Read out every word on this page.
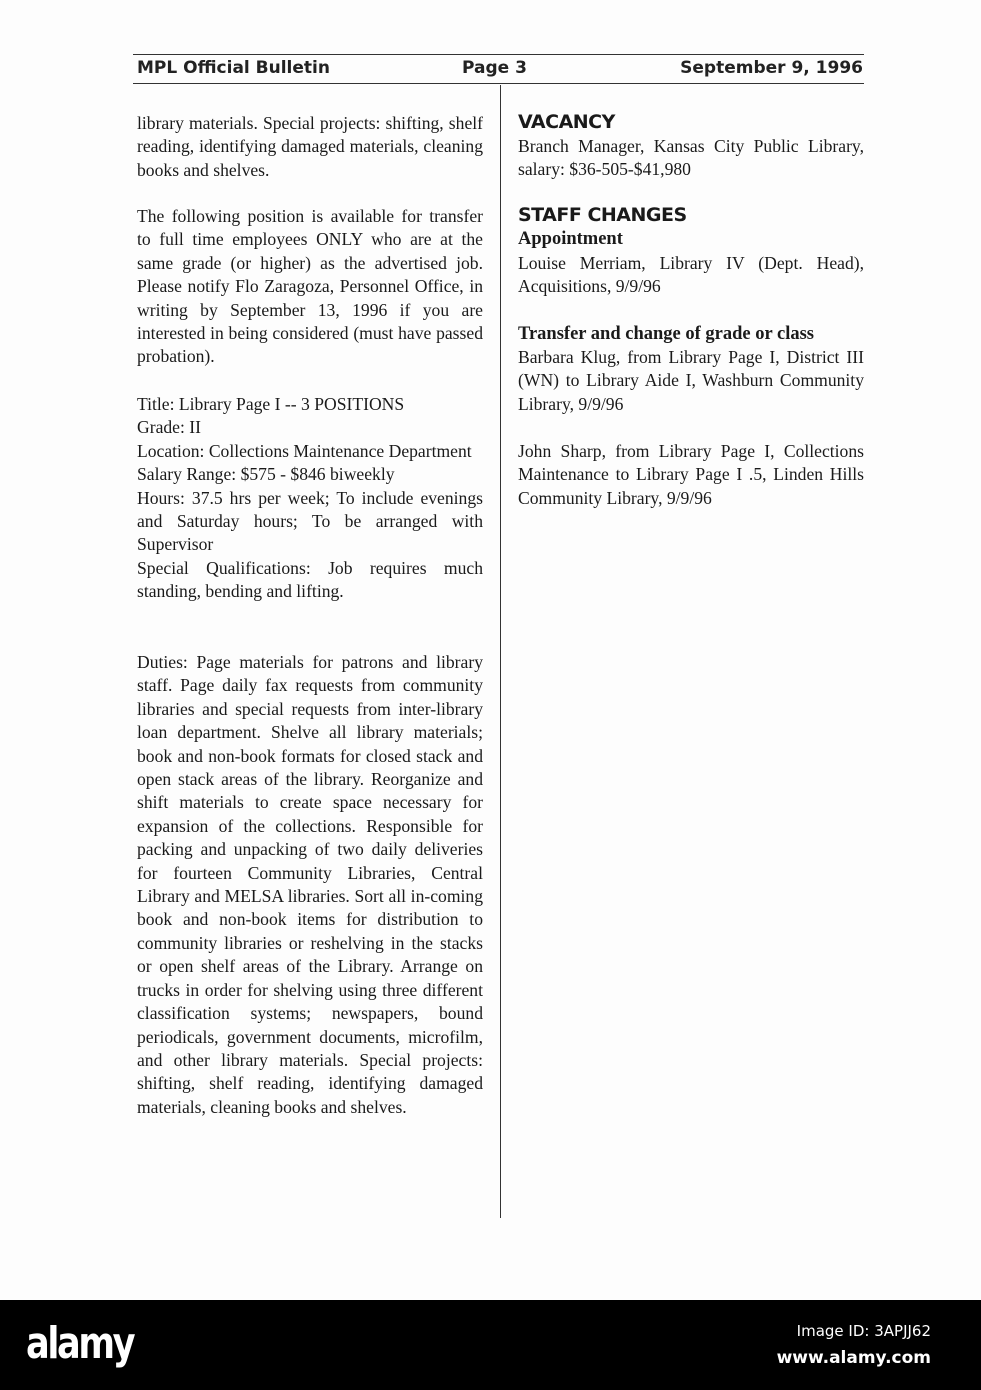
MPL Official Bulletin	Page 3	September 9, 1996
library materials. Special projects: shifting, shelf reading, identifying damaged materials, cleaning books and shelves.
The following position is available for transfer to full time employees ONLY who are at the same grade (or higher) as the advertised job. Please notify Flo Zaragoza, Personnel Office, in writing by September 13, 1996 if you are interested in being considered (must have passed probation).

Title: Library Page I -- 3 POSITIONS

Grade: II

Location: Collections Maintenance Department

Salary Range: $575 - $846 biweekly

Hours: 37.5 hrs per week; To include evenings and Saturday hours; To be arranged with Supervisor

Special Qualifications: Job requires much standing, bending and lifting.

Duties: Page materials for patrons and library staff. Page daily fax requests from community libraries and special requests from inter-library loan department. Shelve all library materials; book and non-book formats for closed stack and open stack areas of the library. Reorganize and shift materials to create space necessary for expansion of the collections. Responsible for packing and unpacking of two daily deliveries for fourteen Community Libraries, Central Library and MELSA libraries. Sort all in-coming book and non-book items for distribution to community libraries or reshelving in the stacks or open shelf areas of the Library. Arrange on trucks in order for shelving using three different classification systems; newspapers, bound periodicals, government documents, microfilm, and other library materials. Special projects: shifting, shelf reading, identifying damaged materials, cleaning books and shelves.
VACANCY
Branch Manager, Kansas City Public Library, salary: $36-505-$41,980
STAFF CHANGES
Appointment
Louise Merriam, Library IV (Dept. Head), Acquisitions, 9/9/96
Transfer and change of grade or class
Barbara Klug, from Library Page I, District III (WN) to Library Aide I, Washburn Community Library, 9/9/96
John Sharp, from Library Page I, Collections Maintenance to Library Page I .5, Linden Hills Community Library, 9/9/96
alamy	Image ID: 3APJJ62
www.alamy.com
